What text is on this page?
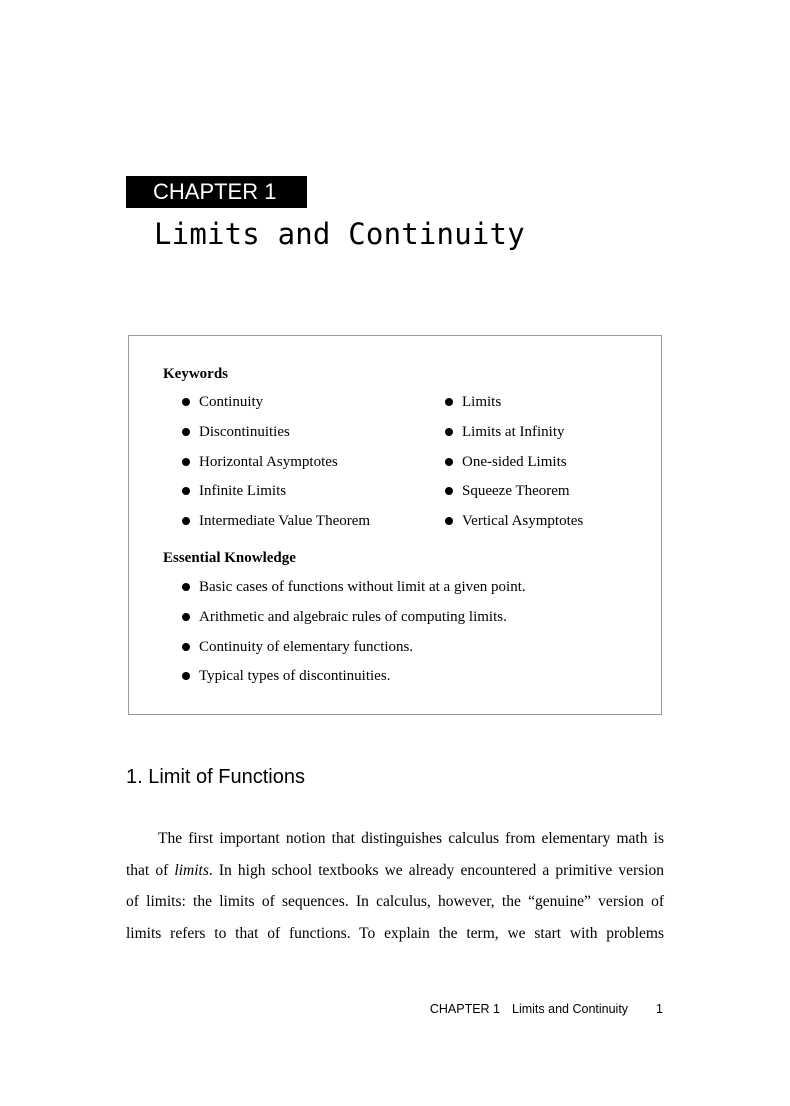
CHAPTER 1
Limits and Continuity
Keywords
Continuity
Discontinuities
Horizontal Asymptotes
Infinite Limits
Intermediate Value Theorem
Limits
Limits at Infinity
One-sided Limits
Squeeze Theorem
Vertical Asymptotes
Essential Knowledge
Basic cases of functions without limit at a given point.
Arithmetic and algebraic rules of computing limits.
Continuity of elementary functions.
Typical types of discontinuities.
1. Limit of Functions
The first important notion that distinguishes calculus from elementary math is
that of limits. In high school textbooks we already encountered a primitive version
of limits: the limits of sequences. In calculus, however, the “genuine” version of
limits refers to that of functions. To explain the term, we start with problems
CHAPTER 1 Limits and Continuity 1
